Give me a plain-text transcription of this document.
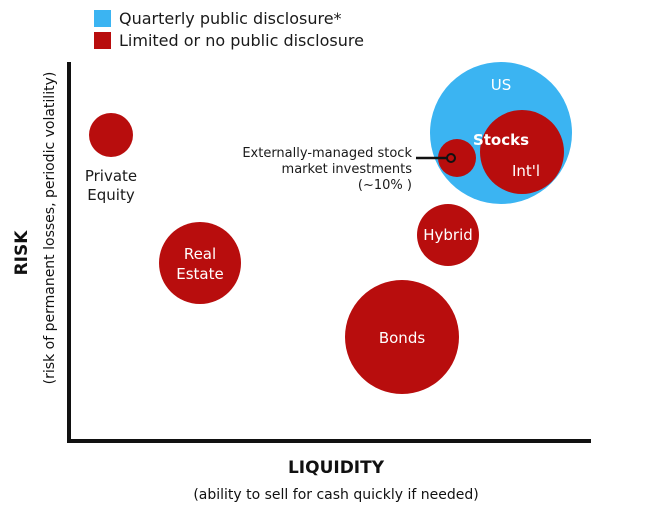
Quarterly public disclosure*
Limited or no public disclosure
RISK (risk of permanent losses, periodic volatility)
LIQUIDITY
(ability to sell for cash quickly if needed)
US
Int'l
Stocks
Externally-managed stock
market investments
(~10% )
Hybrid
Bonds
Real
Estate
Private
Equity
